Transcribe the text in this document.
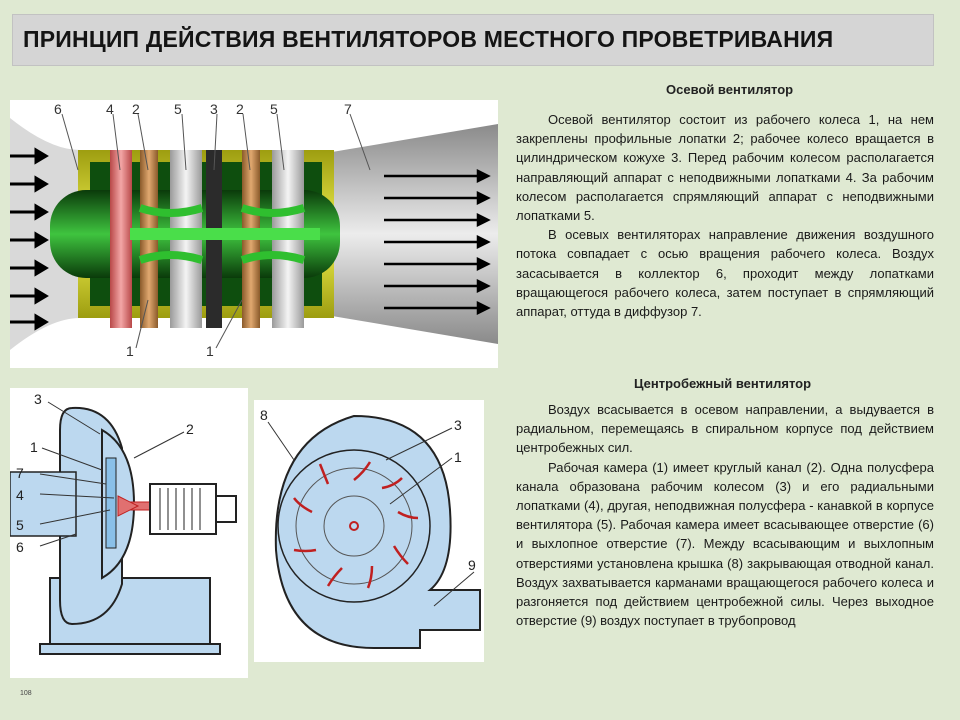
ПРИНЦИП ДЕЙСТВИЯ ВЕНТИЛЯТОРОВ МЕСТНОГО ПРОВЕТРИВАНИЯ
6	4 2 5 3 2 5	7
1	1
Осевой вентилятор

Осевой вентилятор состоит из рабочего колеса 1, на нем закреплены профильные лопатки 2; рабочее колесо вращается в цилиндрическом кожухе 3. Перед рабочим колесом располагается направляющий аппарат с неподвижными лопатками 4. За рабочим колесом располагается спрямляющий аппарат с неподвижными лопатками 5.

В осевых вентиляторах направление движения воздушного потока совпадает с осью вращения рабочего колеса. Воздух засасывается в коллектор 6, проходит между лопатками вращающегося рабочего колеса, затем поступает в спрямляющий аппарат, оттуда в диффузор 7.

3
1
2
7
4
5
6
8
3
1
9
Центробежный вентилятор

Воздух всасывается в осевом направлении, а выдувается в радиальном, перемещаясь в спиральном корпусе под действием центробежных сил.

Рабочая камера (1) имеет круглый канал (2). Одна полусфера канала образована рабочим колесом (3) и его радиальными лопатками (4), другая, неподвижная полусфера - канавкой в корпусе вентилятора (5). Рабочая камера имеет всасывающее отверстие (6) и выхлопное отверстие (7). Между всасывающим и выхлопным отверстиями установлена крышка (8) закрывающая отводной канал. Воздух захватывается карманами вращающегося рабочего колеса и разгоняется под действием центробежной силы. Через выходное отверстие (9) воздух поступает в трубопровод

108
